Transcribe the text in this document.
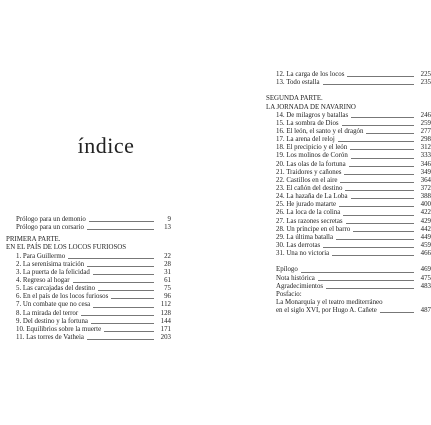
índice
Prólogo para un demonio	9
Prólogo para un corsario	13
PRIMERA PARTE.
EN EL PAÍS DE LOS LOCOS FURIOSOS
1. Para Guillermo	22
2. La serenísima traición	28
3. La puerta de la felicidad	31
4. Regreso al hogar	61
5. Las carcajadas del destino	75
6. En el país de los locos furiosos	96
7. Un combate que no cesa	112
8. La mirada del terror	128
9. Del destino y la fortuna	144
10. Equilibrios sobre la muerte	171
11. Las torres de Vatheia	203
12. La carga de los locos	225
13. Todo estalla	235
SEGUNDA PARTE.
LA JORNADA DE NAVARINO
14. De milagros y batallas	246
15. La sombra de Dios	259
16. El león, el santo y el dragón	277
17. La arena del reloj	298
18. El precipicio y el león	312
19. Los molinos de Corón	333
20. Las olas de la fortuna	346
21. Traidores y cañones	349
22. Castillos en el aire	364
23. El cañón del destino	372
24. La hazaña de La Loba	388
25. He jurado matarte	400
26. La loca de la colina	422
27. Las razones secretas	429
28. Un príncipe en el barro	442
29. La última batalla	449
30. Las derrotas	459
31. Una no victoria	466
Epílogo	469
Nota histórica	475
Agradecimientos	483
Posfacio:
La Monarquía y el teatro mediterráneo
en el siglo XVI, por Hugo A. Cañete	487
